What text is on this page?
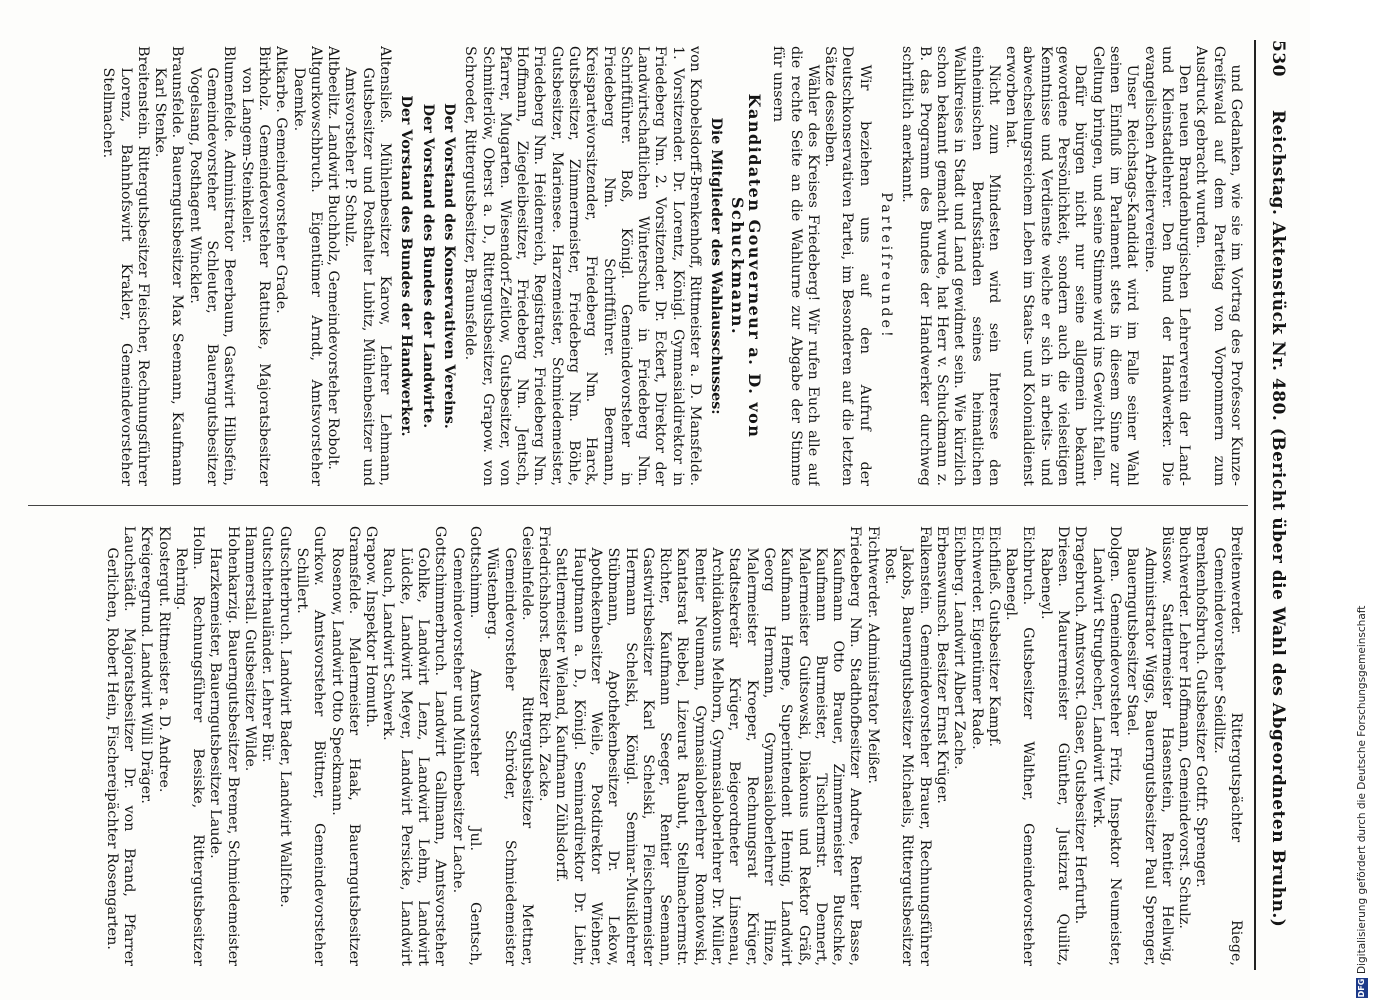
530
Reichstag. Aktenstück Nr. 480. (Bericht über die Wahl des Abgeordneten Bruhn.)

und Gedanken, wie sie im Vortrag des Professor Kunze-Greifswald auf dem Parteitag von Vorpommern zum Ausdruck gebracht wurden.

Den neuen Brandenburgischen Lehrerverein der Land- und Kleinstadtlehrer. Den Bund der Handwerker. Die evangelischen Arbeitervereine.

Unser Reichstags-Kandidat wird im Falle seiner Wahl seinen Einfluß im Parlament stets in diesem Sinne zur Geltung bringen, und seine Stimme wird ins Gewicht fallen.

Dafür bürgen nicht nur seine allgemein bekannt gewordene Persönlichkeit, sondern auch die vielseitigen Kenntnisse und Verdienste welche er sich in arbeits- und abwechselungsreichem Leben im Staats- und Kolonialdienst erworben hat.

Nicht zum Mindesten wird sein Interesse den einheimischen Berufsständen seines heimatlichen Wahlkreises in Stadt und Land gewidmet sein. Wie kürzlich schon bekannt gemacht wurde, hat Herr v. Schuckmann z. B. das Programm des Bundes der Handwerker durchweg schriftlich anerkannt.

Parteifreunde!

Wir beziehen uns auf den Aufruf der Deutschkonservativen Partei, im Besonderen auf die letzten Sätze desselben.

Wähler des Kreises Friedeberg! Wir rufen Euch alle auf die rechte Seite an die Wahlurne zur Abgabe der Stimme für unsern

Kandidaten Gouverneur a. D. von Schuckmann.

Die Mitglieder des Wahlausschusses:

von Knobelsdorff-Brenkenhoff, Rittmeister a. D. Mansfelde. 1. Vorsitzender. Dr. Lorentz, Königl. Gymnasialdirektor in Friedeberg Nm. 2. Vorsitzender. Dr. Eckert, Direktor der Landwirtschaftlichen Winterschule in Friedeberg Nm. Schriftführer. Boß, Königl. Gemeindevorsteher in Friedeberg Nm. Schriftführer. Beermann, Kreisparteivorsitzender, Friedeberg Nm. Harck, Gutsbesitzer, Zimmermeister, Friedeberg Nm. Böhle, Gutsbesitzer, Mariensee. Harzemeister, Schmiedemeister, Friedeberg Nm. Heidenreich, Registrator, Friedeberg Nm. Hoffmann, Ziegeleibesitzer, Friedeberg Nm. Jentsch, Pfarrer, Mugarten. Wiesendorf-Zeitlow, Gutsbesitzer, von Schmiterlöw, Oberst a. D., Rittergutsbesitzer, Grapow. von Schroeder, Rittergutsbesitzer, Braunsfelde.

Der Vorstand des Konservativen Vereins.

Der Vorstand des Bundes der Landwirte.

Der Vorstand des Bundes der Handwerker.

Altensließ. Mühlenbesitzer Karow, Lehrer Lehmann, Gutsbesitzer und Posthalter Lubitz, Mühlenbesitzer und Amtsvorsteher P. Schulz.

Altbeelitz. Landwirt Buchholz, Gemeindevorsteher Robolt.

Altgurkowschbruch. Eigentümer Arndt, Amtsvorsteher Daemke.

Altkarbe. Gemeindevorsteher Grade.

Birkholz. Gemeindevorsteher Rattuske, Majoratsbesitzer von Langem-Steinkeller.

Blumenfelde. Administrator Beerbaum, Gastwirt Hilbsfein, Gemeindevorsteher Schleuter, Bauerngutsbesitzer Vogelsang, Posthagent Winckler.

Braunsfelde. Bauerngutsbesitzer Max Seemann, Kaufmann Karl Stenke.

Breitenstein. Rittergutsbesitzer Fleischer, Rechnungsführer Lorenz, Bahnhofswirt Krakler, Gemeindevorsteher Stellmacher.

Breitenwerder. Rittergutspächter Riege, Gemeindevorsteher Seidlitz.

Brenkenhofsbruch. Gutsbesitzer Gottfr. Sprenger.

Buchwerder. Lehrer Hoffmann, Gemeindevorst. Schulz.

Büssow. Sattlermeister Hasenstein, Rentier Hellwig, Administrator Wiggs, Bauerngutsbesitzer Paul Sprenger, Bauerngutsbesitzer Stael.

Dolgen. Gemeindevorsteher Fritz, Inspektor Neumeister, Landwirt Strugbecher, Landwirt Werk.

Dragebruch. Amtsvorst. Glaser, Gutsbesitzer Herfurth.

Driesen. Maurermeister Günther, Justizrat Quilitz, Rabeneyl.

Eichbruch. Gutsbesitzer Walther, Gemeindevorsteher Rabenegl.

Eichfließ. Gutsbesitzer Kampf.

Eichwerder. Eigentümer Rade.

Eichberg. Landwirt Albert Zache.

Erbenswunsch. Besitzer Ernst Krüger.

Falkenstein. Gemeindevorsteher Brauer, Rechnungsführer Jakobs, Bauerngutsbesitzer Michaelis, Rittergutsbesitzer Rost.

Fichtwerder. Administrator Meißer.

Friedeberg Nm. Stadthofbesitzer Andree, Rentier Basse, Kaufmann Otto Brauer, Zimmermeister Butschke, Kaufmann Burmeister, Tischlermstr. Dennert, Malermeister Guitsowski, Diakonus und Rektor Gräß, Kaufmann Hempe, Superintendent Hennig, Landwirt Georg Hermann, Gymnasialoberlehrer Hinze, Malermeister Kroeper, Rechnungsrat Krüger, Stadtsekretär Krüger, Beigeordneter Linsenau, Archidiakonus Melhorn, Gymnasialoberlehrer Dr. Müller, Rentier Neumann, Gymnasialoberlehrer Romatowski, Kantatsrat Riebel, Lizeurat Raubut, Stellmachermstr. Richter, Kaufmann Seeger, Rentier Seemann, Gastwirtsbesitzer Karl Schelski, Fleischermeister Hermann Schelski, Königl. Seminar-Musiklehrer Stübmann, Apothekenbesitzer Dr. Lekow, Apothekenbesitzer Weile, Postdirektor Wiebner, Hauptmann a. D., Königl. Seminardirektor Dr. Liehr, Sattlermeister Wieland, Kaufmann Zühlsdorff.

Friedrichshorst. Besitzer Rich. Zacke.

Geiselnfelde. Rittergutsbesitzer Mettner, Gemeindevorsteher Schröder, Schmiedemeister Wüstenberg.

Gottschimm. Amtsvorsteher Jul. Gentsch, Gemeindevorsteher und Mühlenbesitzer Lache.

Gottschimmerbruch. Landwirt Gallmann, Amtsvorsteher Gohlke, Landwirt Lenz, Landwirt Lehm, Landwirt Lüdcke, Landwirt Meyer, Landwirt Persicke, Landwirt Rauch, Landwirt Schwerk.

Grapow. Inspektor Homuth.

Gramsfelde. Malermeister Haak, Bauerngutsbesitzer Rosenow, Landwirt Otto Speckmann.

Gurkow. Amtsvorsteher Büttner, Gemeindevorsteher Schillert.

Gutschterbruch. Landwirt Bader, Landwirt Wallfche.

Gutschterhauländer. Lehrer Bür.

Hammerstall. Gutsbesitzer Wilde.

Hohenkarzig. Bauerngutsbesitzer Bremer, Schmiedemeister Harzkemeister, Bauerngutsbesitzer Laude.

Holm. Rechnungsführer Besiske, Rittergutsbesitzer Rehring.

Klostergut. Rittmeister a. D. Andree.

Kreigeregrund. Landwirt Willi Dräger.

Lauchstädt. Majoratsbesitzer Dr. von Brand, Pfarrer Gerlichen, Robert Hein, Fischereipächter Rosengarten.

DFG
Digitalisierung gefördert durch die Deutsche Forschungsgemeinschaft
